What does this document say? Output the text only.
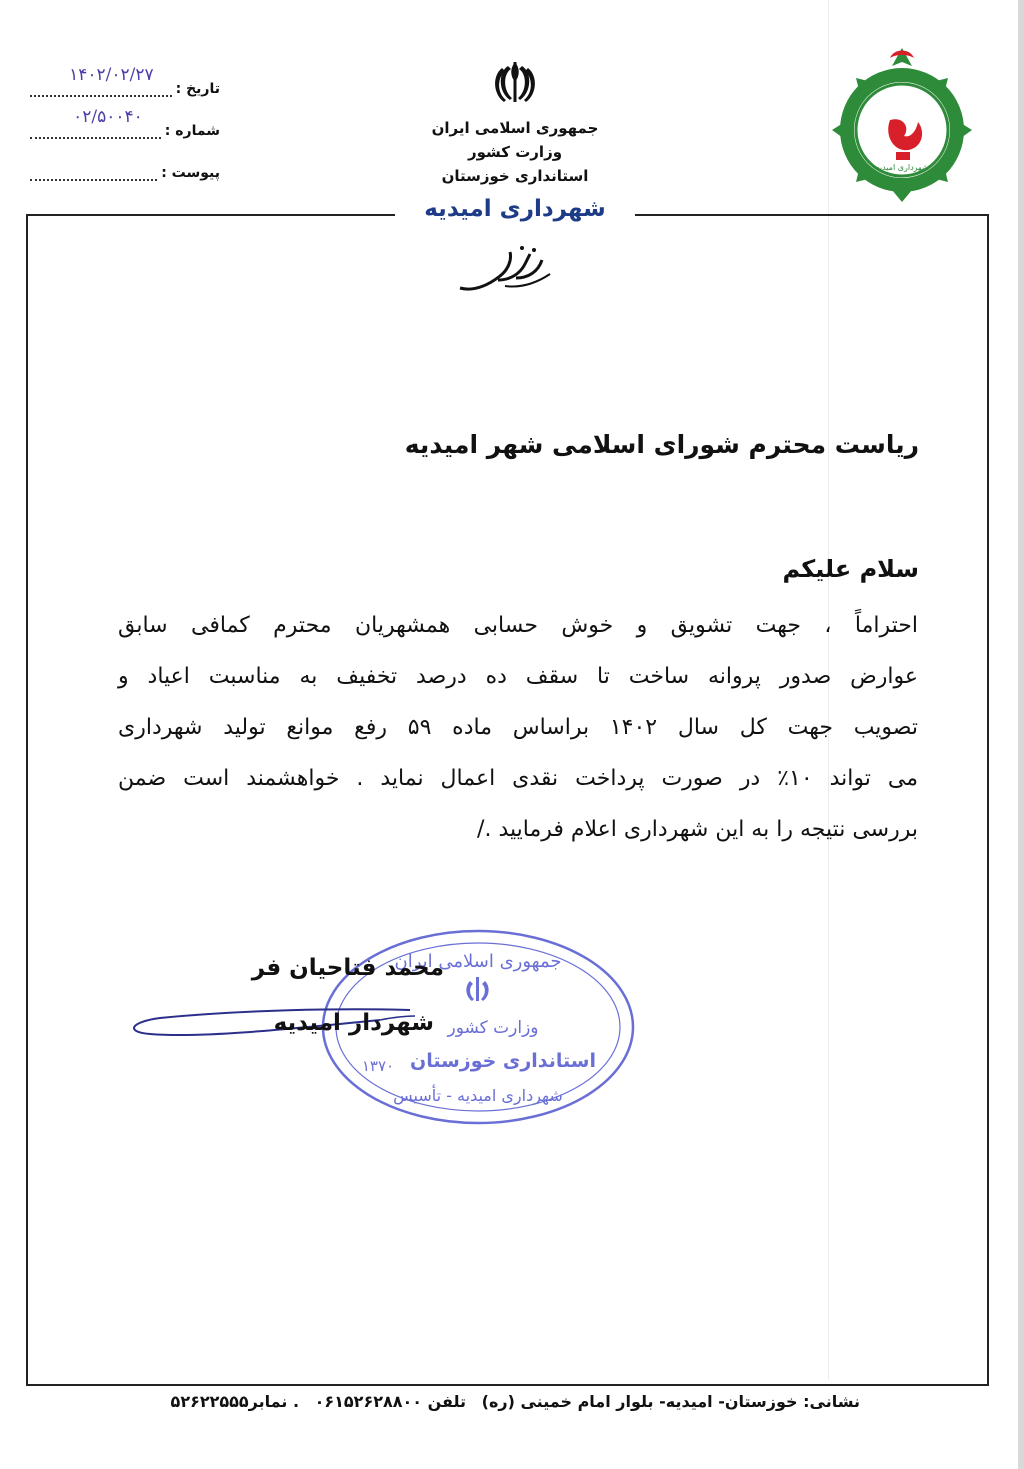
تاریخ :
۱۴۰۲/۰۲/۲۷
شماره :
۰۲/۵۰۰۴۰
پیوست :
جمهوری اسلامی ایران
وزارت کشور
استانداری خوزستان
شهرداری امیدیه
شهرداری امیدیه
ریاست محترم شورای اسلامی شهر امیدیه
سلام علیکم
احتراماً ، جهت تشویق و خوش حسابی همشهریان محترم کمافی سابق
عوارض صدور پروانه ساخت تا سقف ده درصد تخفیف به مناسبت اعیاد و
تصویب جهت کل سال ۱۴۰۲ براساس ماده ۵۹ رفع موانع تولید شهرداری
می تواند ۱۰٪ در صورت پرداخت نقدی اعمال نماید . خواهشمند است ضمن
بررسی نتیجه را به این شهرداری اعلام فرمایید ./
جمهوری اسلامی ایران
وزارت کشور
استانداری خوزستان
۱۳۷۰
شهرداری امیدیه - تأسیس
محمد فتاحیان فر
شهردار امیدیه
نشانی: خوزستان- امیدیه- بلوار امام خمینی (ره) تلفن ۰۶۱۵۲۶۲۸۸۰۰ . نمابر۵۲۶۲۲۵۵۵
